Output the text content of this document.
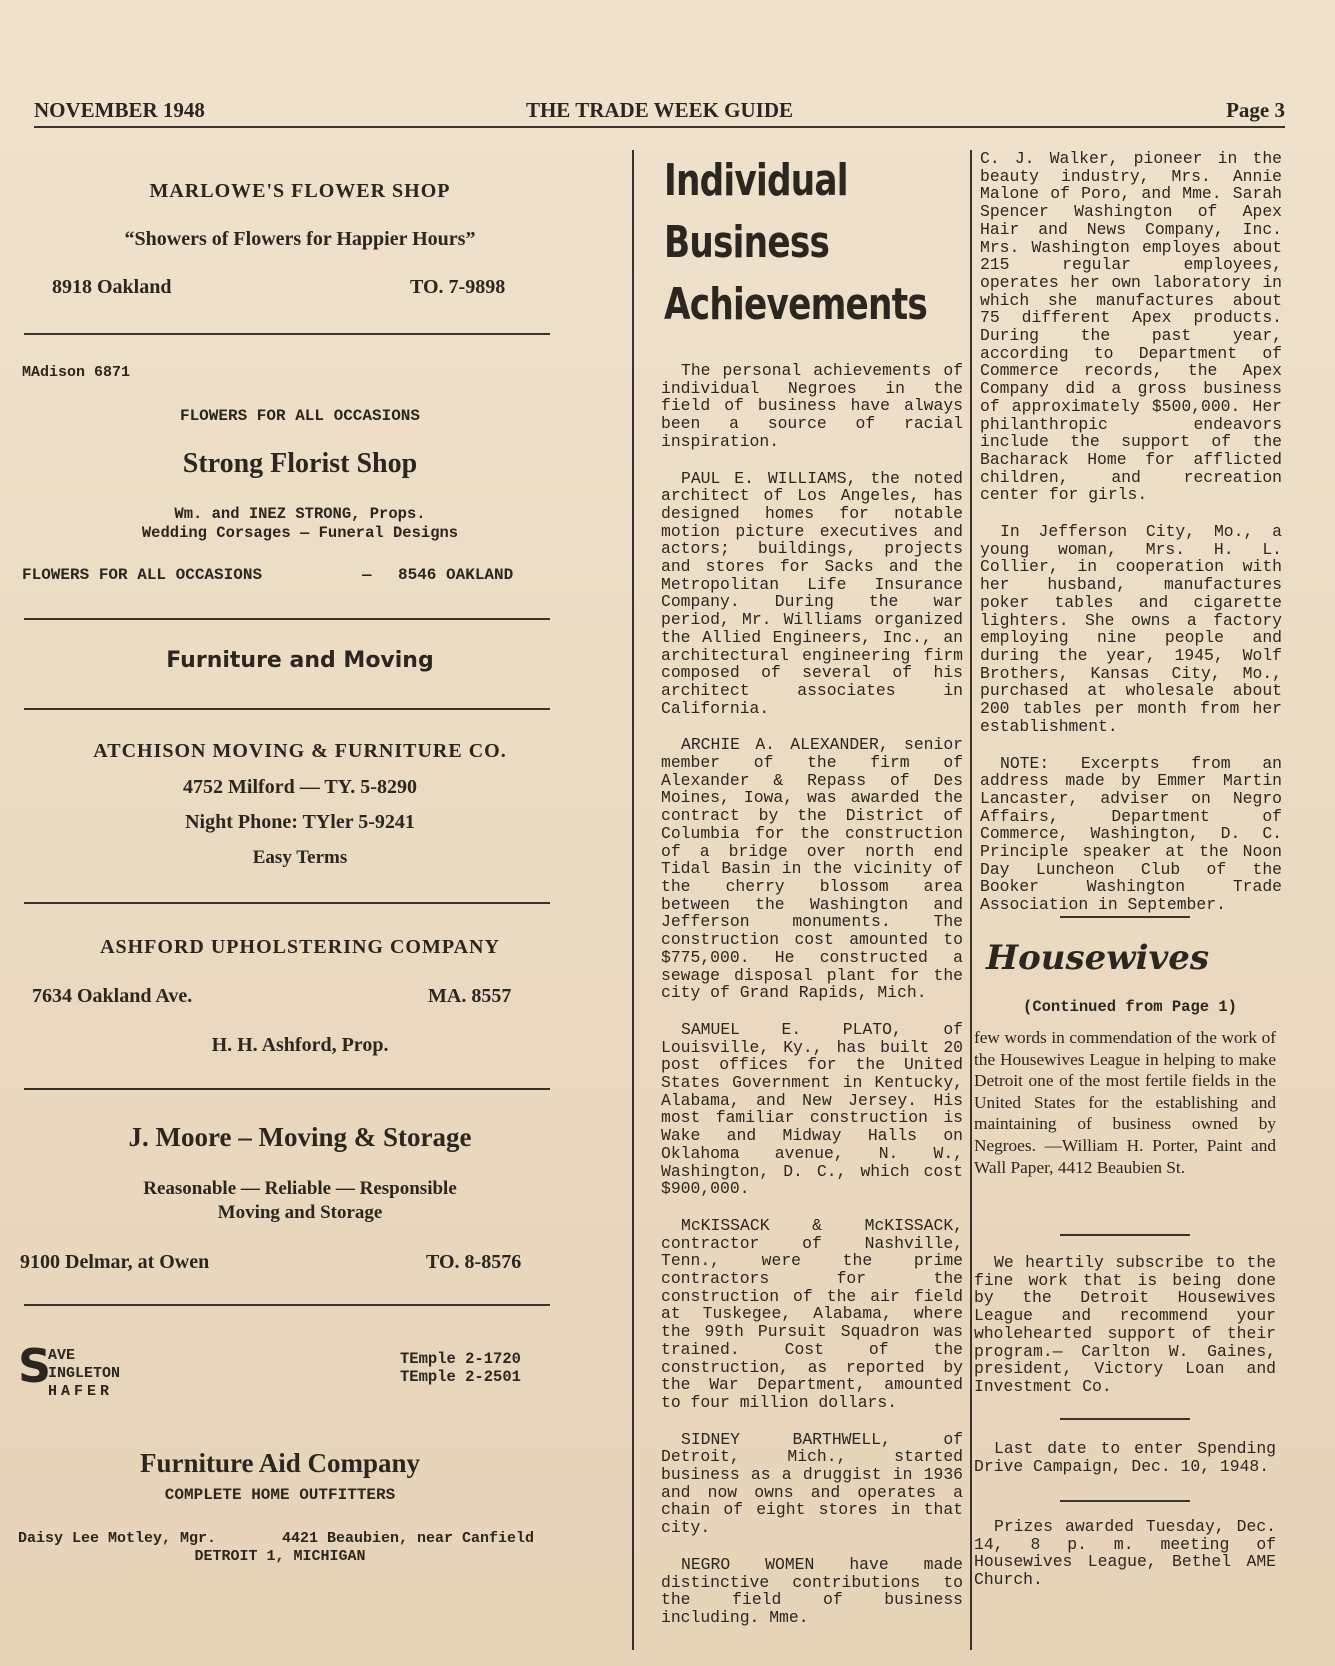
NOVEMBER 1948	THE TRADE WEEK GUIDE	Page 3
MARLOWE'S FLOWER SHOP
“Showers of Flowers for Happier Hours”
8918 Oakland	TO. 7-9898
MAdison 6871
FLOWERS FOR ALL OCCASIONS
Strong Florist Shop
Wm. and INEZ STRONG, Props.
Wedding Corsages — Funeral Designs
FLOWERS FOR ALL OCCASIONS	— 8546 OAKLAND
Furniture and Moving
ATCHISON MOVING & FURNITURE CO.
4752 Milford — TY. 5-8290
Night Phone: TYler 5-9241
Easy Terms
ASHFORD UPHOLSTERING COMPANY
7634 Oakland Ave.	MA. 8557
H. H. Ashford, Prop.
J. Moore – Moving & Storage
Reasonable — Reliable — Responsible
Moving and Storage
9100 Delmar, at Owen	TO. 8-8576
S
AVE
INGLETON
HAFER
TEmple 2-1720
TEmple 2-2501
Furniture Aid Company
COMPLETE HOME OUTFITTERS
Daisy Lee Motley, Mgr.	4421 Beaubien, near Canfield
DETROIT 1, MICHIGAN
Individual
Business
Achievements

The personal achievements of individual Negroes in the field of business have always been a source of racial inspiration.

PAUL E. WILLIAMS, the noted architect of Los Angeles, has designed homes for notable motion picture executives and actors; buildings, projects and stores for Sacks and the Metropolitan Life Insurance Company. During the war period, Mr. Williams organized the Allied Engineers, Inc., an architectural engineering firm composed of several of his architect associates in California.

ARCHIE A. ALEXANDER, senior member of the firm of Alexander & Repass of Des Moines, Iowa, was awarded the contract by the District of Columbia for the construction of a bridge over north end Tidal Basin in the vicinity of the cherry blossom area between the Washington and Jefferson monuments. The construction cost amounted to $775,000. He constructed a sewage disposal plant for the city of Grand Rapids, Mich.

SAMUEL E. PLATO, of Louisville, Ky., has built 20 post offices for the United States Government in Kentucky, Alabama, and New Jersey. His most familiar construction is Wake and Midway Halls on Oklahoma avenue, N. W., Washington, D. C., which cost $900,000.

McKISSACK & McKISSACK, contractor of Nashville, Tenn., were the prime contractors for the construction of the air field at Tuskegee, Alabama, where the 99th Pursuit Squadron was trained. Cost of the construction, as reported by the War Department, amounted to four million dollars.

SIDNEY BARTHWELL, of Detroit, Mich., started business as a druggist in 1936 and now owns and operates a chain of eight stores in that city.

NEGRO WOMEN have made distinctive contributions to the field of business including. Mme.

C. J. Walker, pioneer in the beauty industry, Mrs. Annie Malone of Poro, and Mme. Sarah Spencer Washington of Apex Hair and News Company, Inc. Mrs. Washington employes about 215 regular employees, operates her own laboratory in which she manufactures about 75 different Apex products. During the past year, according to Department of Commerce records, the Apex Company did a gross business of approximately $500,000. Her philanthropic endeavors include the support of the Bacharack Home for afflicted children, and recreation center for girls.

In Jefferson City, Mo., a young woman, Mrs. H. L. Collier, in cooperation with her husband, manufactures poker tables and cigarette lighters. She owns a factory employing nine people and during the year, 1945, Wolf Brothers, Kansas City, Mo., purchased at wholesale about 200 tables per month from her establishment.

NOTE: Excerpts from an address made by Emmer Martin Lancaster, adviser on Negro Affairs, Department of Commerce, Washington, D. C. Principle speaker at the Noon Day Luncheon Club of the Booker Washington Trade Association in September.

Housewives
(Continued from Page 1)

few words in commendation of the work of the Housewives League in helping to make Detroit one of the most fertile fields in the United States for the establishing and maintaining of business owned by Negroes. —William H. Porter, Paint and Wall Paper, 4412 Beaubien St.

We heartily subscribe to the fine work that is being done by the Detroit Housewives League and recommend your wholehearted support of their program.— Carlton W. Gaines, president, Victory Loan and Investment Co.

Last date to enter Spending Drive Campaign, Dec. 10, 1948.

Prizes awarded Tuesday, Dec. 14, 8 p. m. meeting of Housewives League, Bethel AME Church.
